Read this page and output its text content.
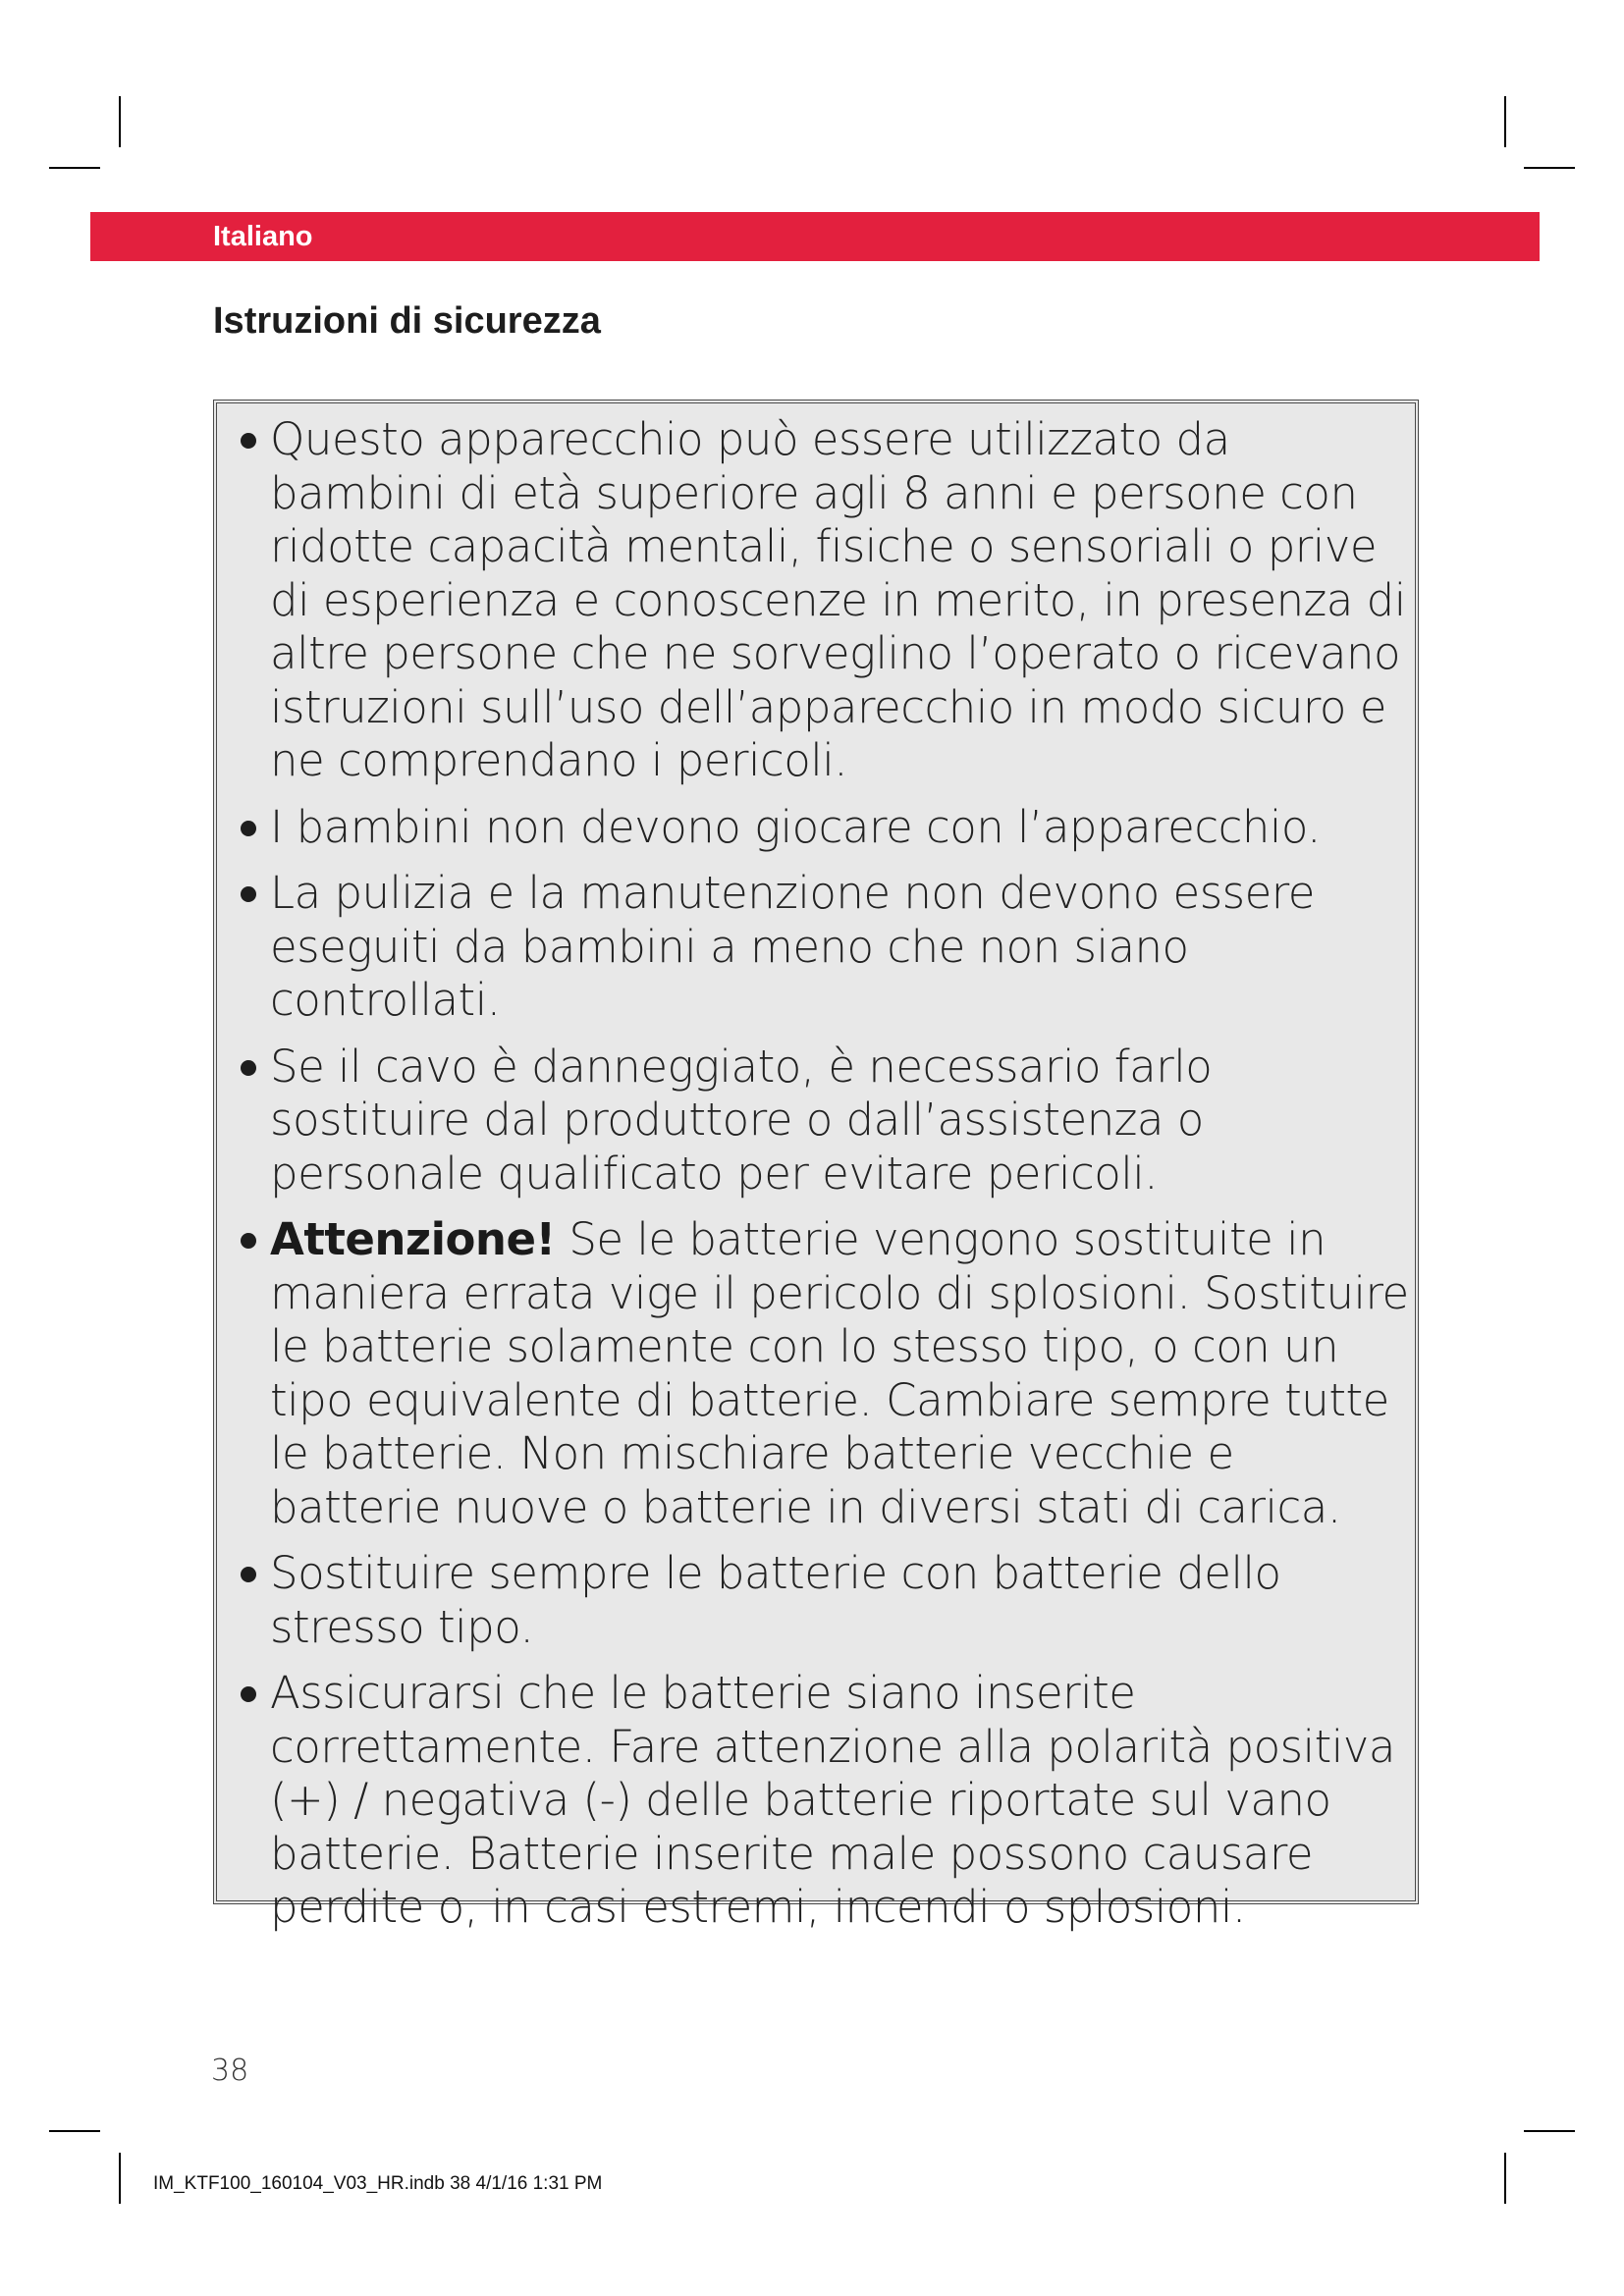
Italiano
Istruzioni di sicurezza
Questo apparecchio può essere utilizzato da bambini di età superiore agli 8 anni e persone con ridotte capacità mentali, fisiche o sensoriali o prive di esperienza e conoscenze in merito, in presenza di altre persone che ne sorveglino l’operato o ricevano istruzioni sull’uso dell’apparecchio in modo sicuro e ne comprendano i pericoli.
I bambini non devono giocare con l’apparecchio.
La pulizia e la manutenzione non devono essere eseguiti da bambini a meno che non siano controllati.
Se il cavo è danneggiato, è necessario farlo sostituire dal produttore o dall’assistenza o personale qualificato per evitare pericoli.
Attenzione! Se le batterie vengono sostituite in maniera errata vige il pericolo di splosioni. Sostituire le batterie solamente con lo stesso tipo, o con un tipo equivalente di batterie. Cambiare sempre tutte le batterie. Non mischiare batterie vecchie e batterie nuove o batterie in diversi stati di carica.
Sostituire sempre le batterie con batterie dello stresso tipo.
Assicurarsi che le batterie siano inserite correttamente. Fare attenzione alla polarità positiva (+) / negativa (-) delle batterie riportate sul vano batterie. Batterie inserite male possono causare perdite o, in casi estremi, incendi o splosioni.
38
IM_KTF100_160104_V03_HR.indb 38 4/1/16 1:31 PM
